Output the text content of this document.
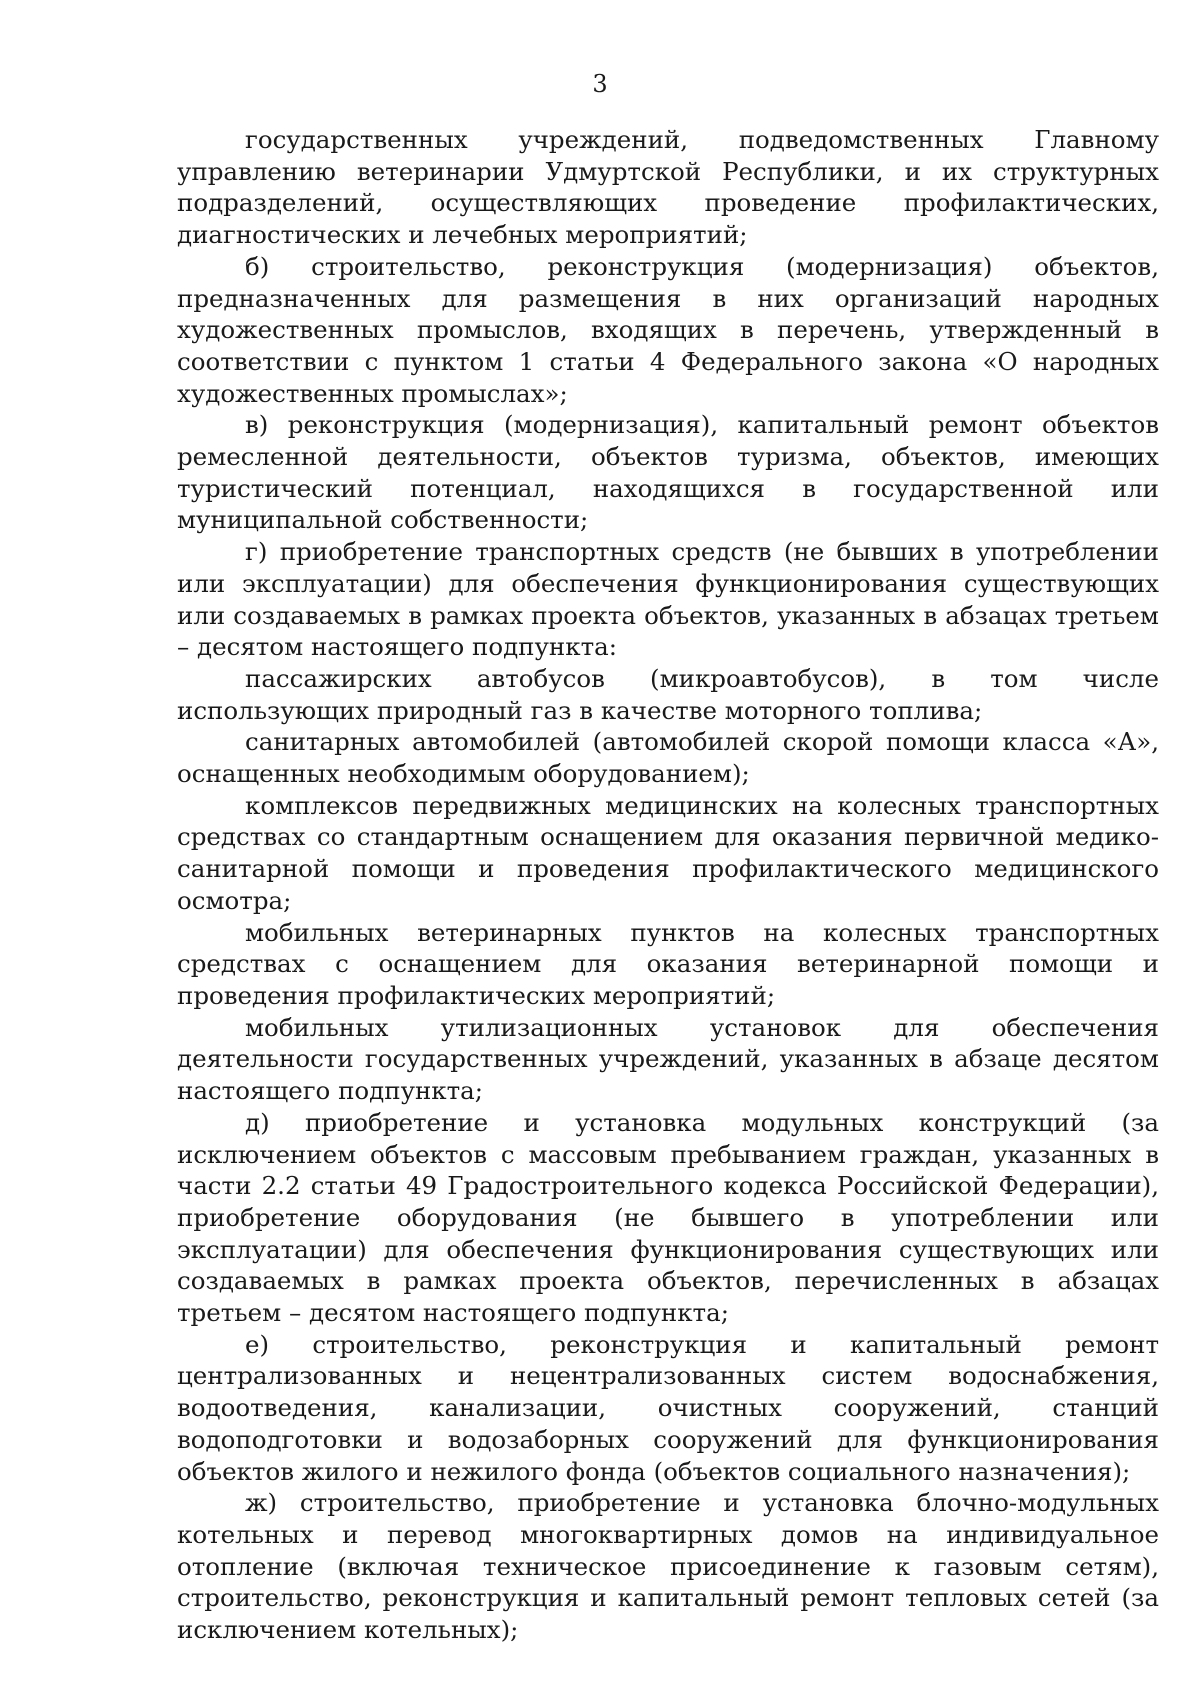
3

государственных учреждений, подведомственных Главному управлению ветеринарии Удмуртской Республики, и их структурных подразделений, осуществляющих проведение профилактических, диагностических и лечебных мероприятий;

б) строительство, реконструкция (модернизация) объектов, предназначенных для размещения в них организаций народных художественных промыслов, входящих в перечень, утвержденный в соответствии с пунктом 1 статьи 4 Федерального закона «О народных художественных промыслах»;

в) реконструкция (модернизация), капитальный ремонт объектов ремесленной деятельности, объектов туризма, объектов, имеющих туристический потенциал, находящихся в государственной или муниципальной собственности;

г) приобретение транспортных средств (не бывших в употреблении или эксплуатации) для обеспечения функционирования существующих или создаваемых в рамках проекта объектов, указанных в абзацах третьем – десятом настоящего подпункта:

пассажирских автобусов (микроавтобусов), в том числе использующих природный газ в качестве моторного топлива;

санитарных автомобилей (автомобилей скорой помощи класса «А», оснащенных необходимым оборудованием);

комплексов передвижных медицинских на колесных транспортных средствах со стандартным оснащением для оказания первичной медико-санитарной помощи и проведения профилактического медицинского осмотра;

мобильных ветеринарных пунктов на колесных транспортных средствах с оснащением для оказания ветеринарной помощи и проведения профилактических мероприятий;

мобильных утилизационных установок для обеспечения деятельности государственных учреждений, указанных в абзаце десятом настоящего подпункта;

д) приобретение и установка модульных конструкций (за исключением объектов с массовым пребыванием граждан, указанных в части 2.2 статьи 49 Градостроительного кодекса Российской Федерации), приобретение оборудования (не бывшего в употреблении или эксплуатации) для обеспечения функционирования существующих или создаваемых в рамках проекта объектов, перечисленных в абзацах третьем – десятом настоящего подпункта;

е) строительство, реконструкция и капитальный ремонт централизованных и нецентрализованных систем водоснабжения, водоотведения, канализации, очистных сооружений, станций водоподготовки и водозаборных сооружений для функционирования объектов жилого и нежилого фонда (объектов социального назначения);

ж) строительство, приобретение и установка блочно-модульных котельных и перевод многоквартирных домов на индивидуальное отопление (включая техническое присоединение к газовым сетям), строительство, реконструкция и капитальный ремонт тепловых сетей (за исключением котельных);
